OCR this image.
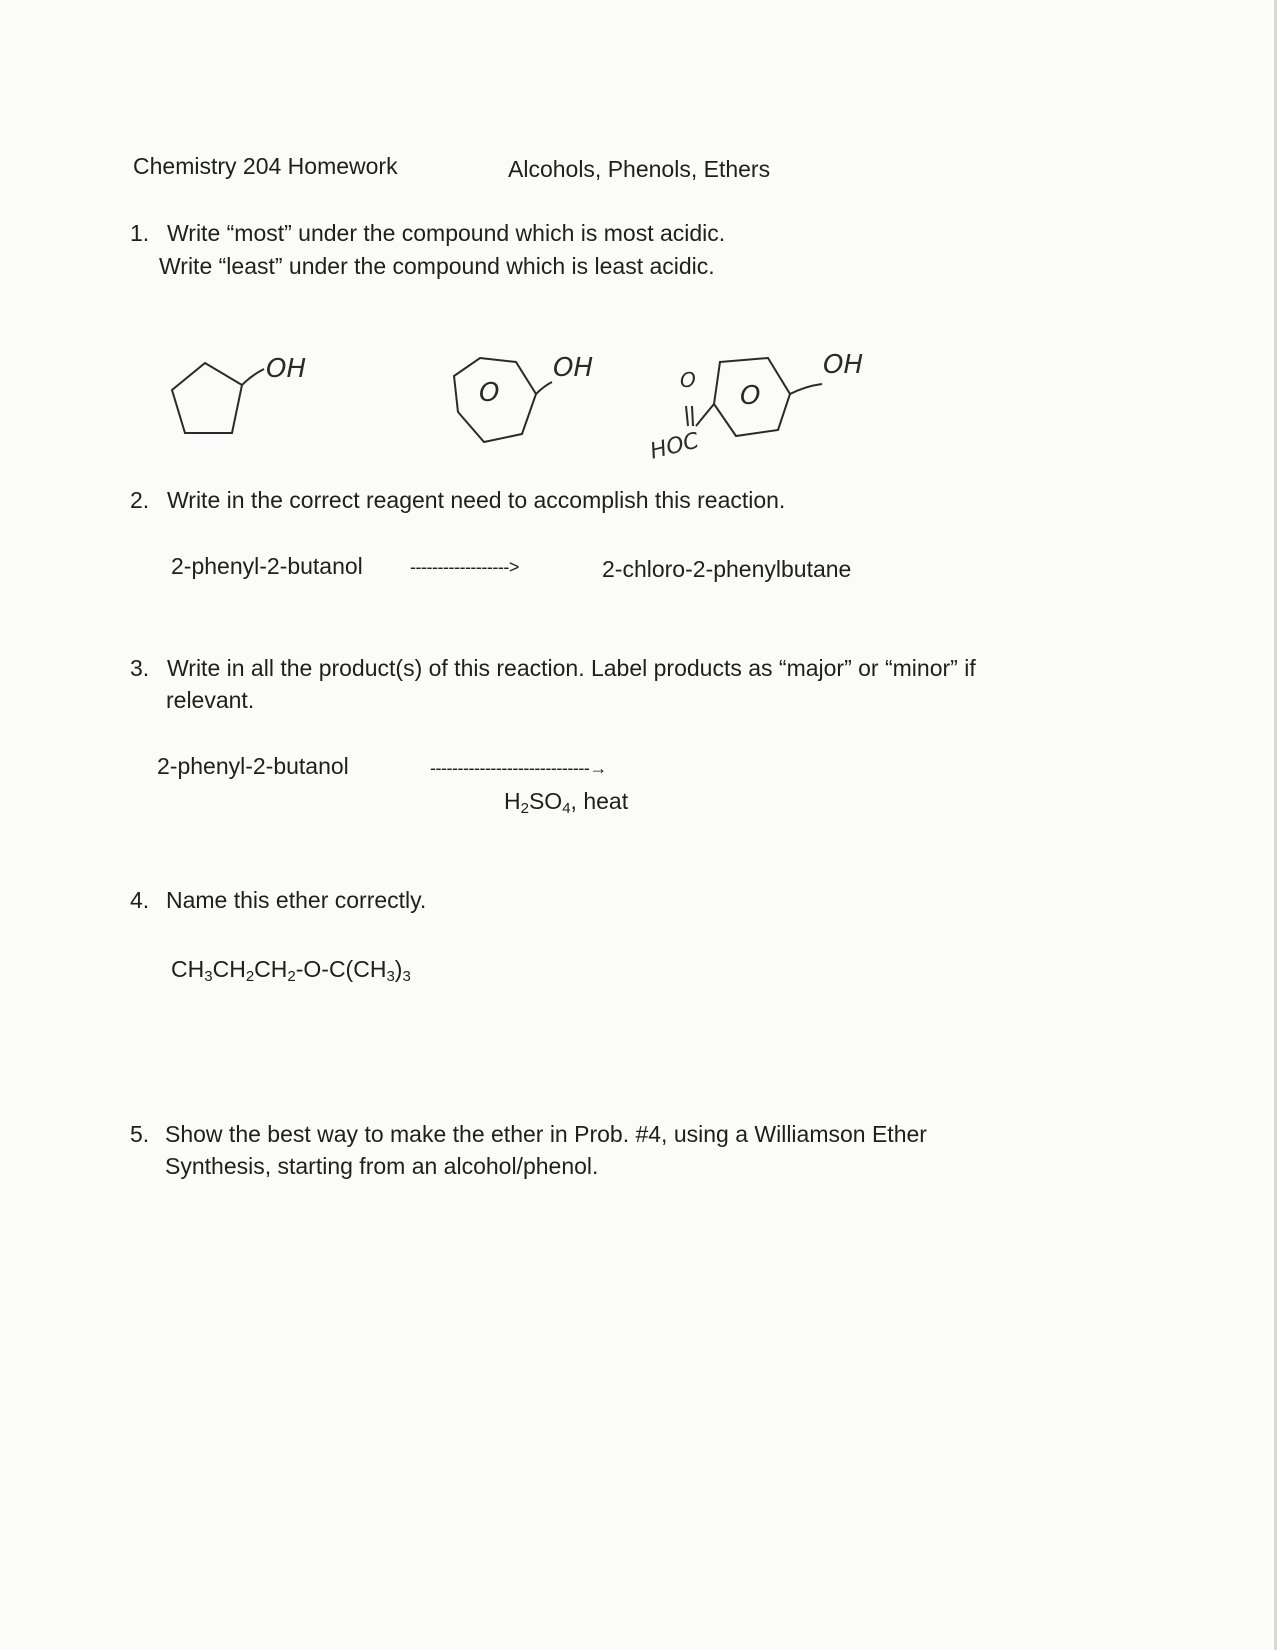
Chemistry 204 Homework	Alcohols, Phenols, Ethers
1. Write “most” under the compound which is most acidic.
Write “least” under the compound which is least acidic.
OH
O
OH	O
HOC
O
OH
2. Write in the correct reagent need to accomplish this reaction.
2-phenyl-2-butanol	------------------>	2-chloro-2-phenylbutane
3. Write in all the product(s) of this reaction. Label products as “major” or “minor” if
relevant.
2-phenyl-2-butanol	-----------------------------→
$H_2SO_4$, heat
4. Name this ether correctly.
$CH_3CH_2CH_2-O-C(CH_3)_3$
5. Show the best way to make the ether in Prob. #4, using a Williamson Ether
Synthesis, starting from an alcohol/phenol.
